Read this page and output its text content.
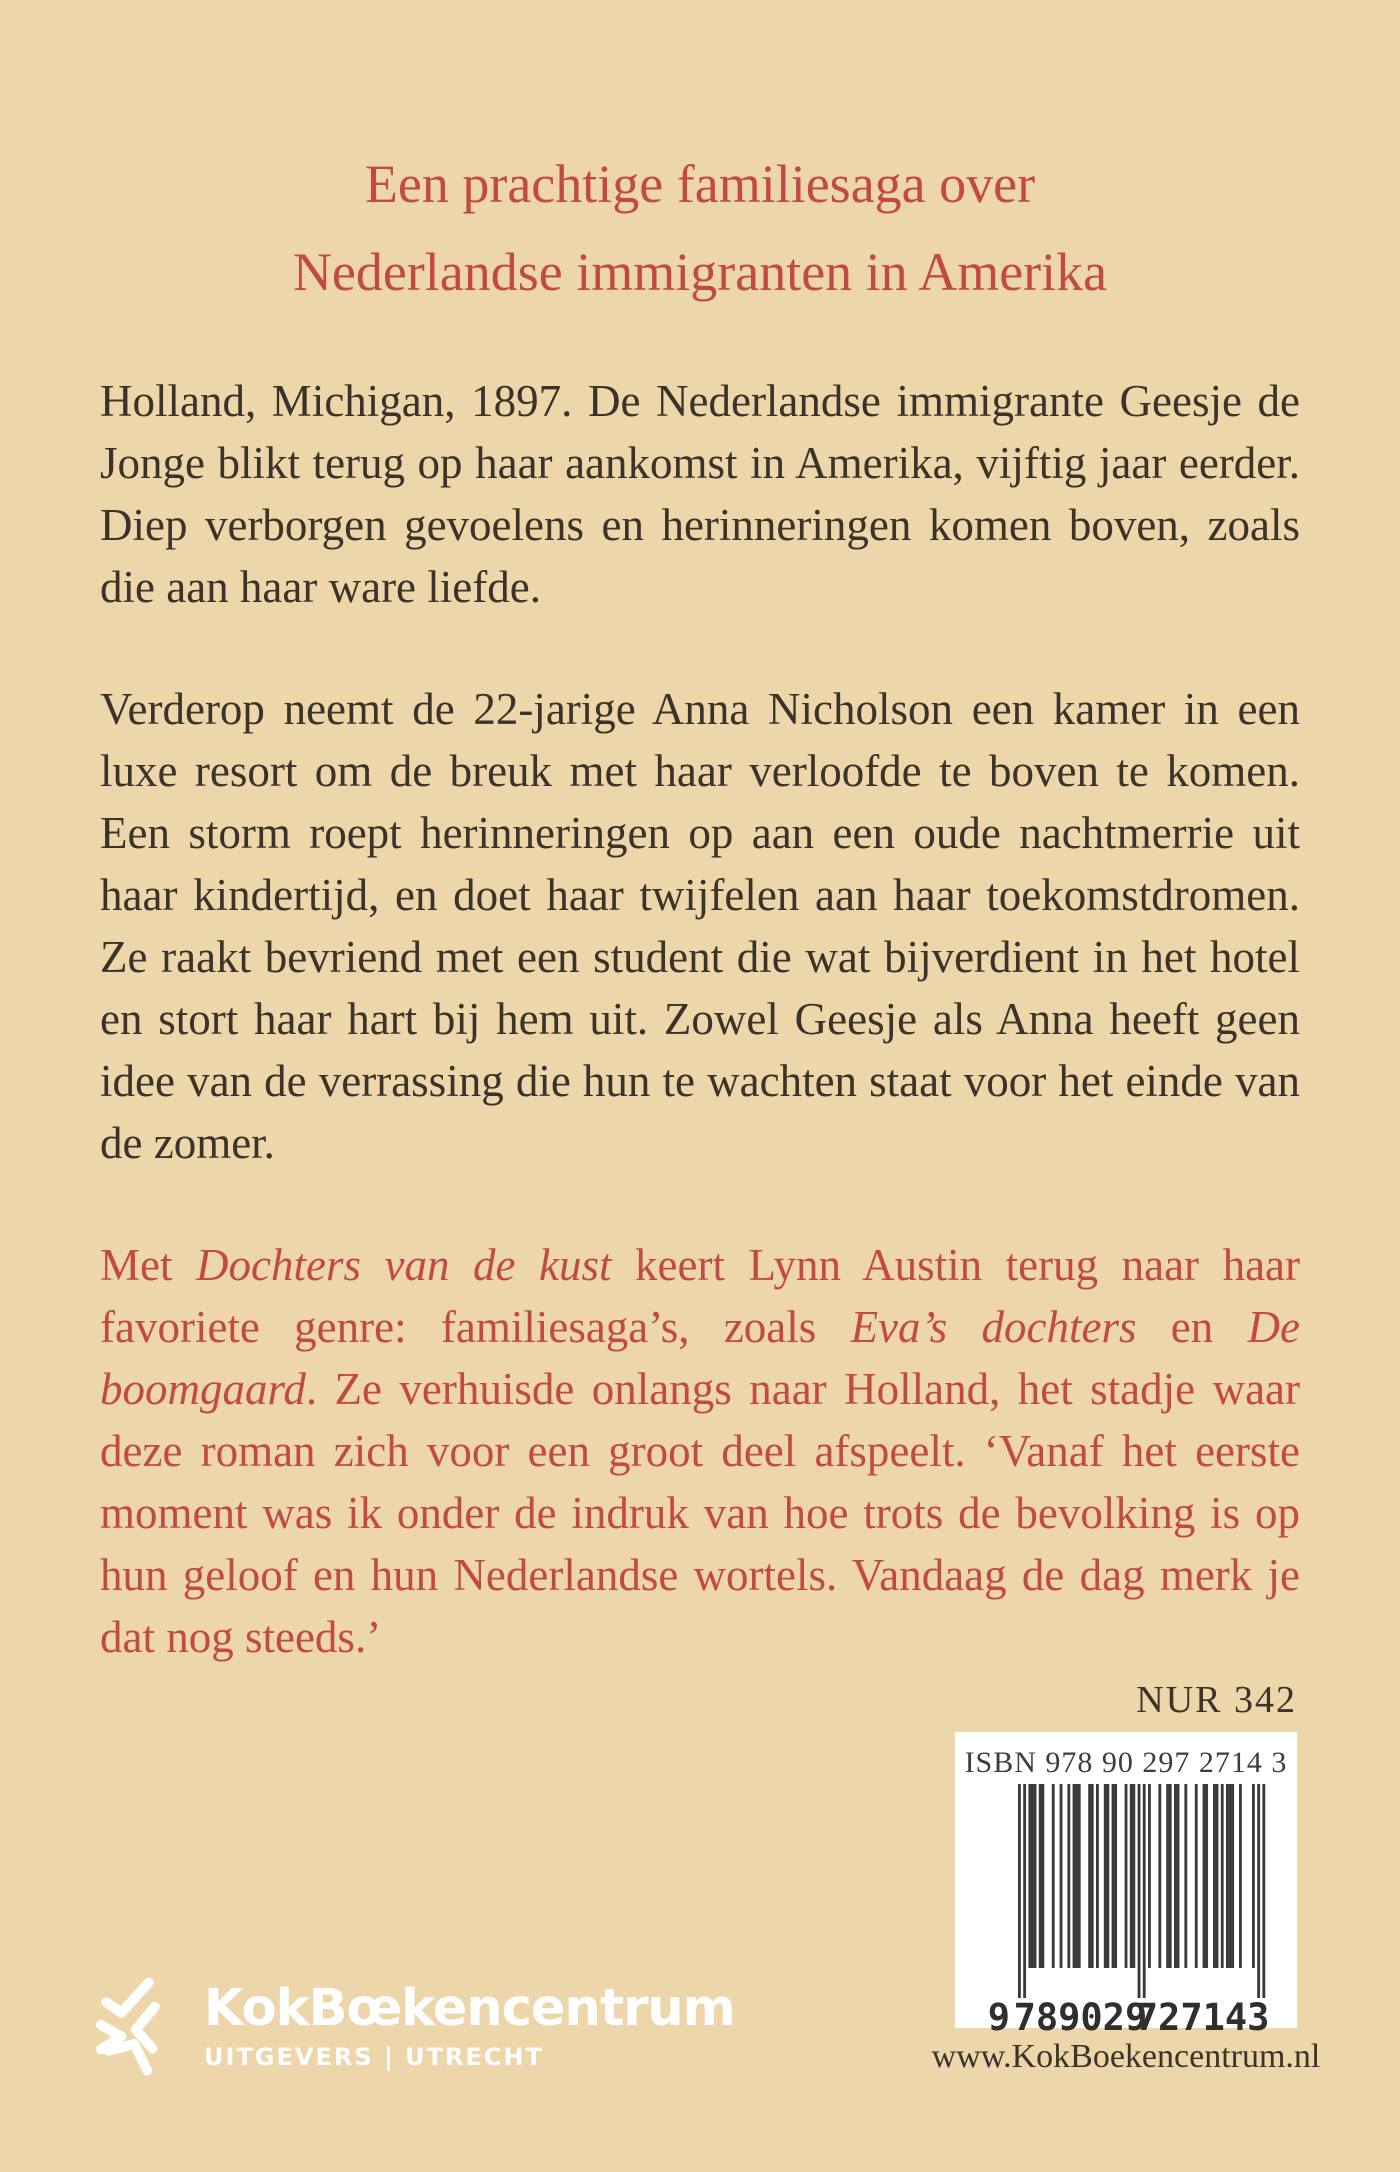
Een prachtige familiesaga over
Nederlandse immigranten in Amerika

Holland, Michigan, 1897. De Nederlandse immigrante Geesje de Jonge blikt terug op haar aankomst in Amerika, vijftig jaar eerder. Diep verborgen gevoelens en herinneringen komen boven, zoals die aan haar ware liefde.

Verderop neemt de 22-jarige Anna Nicholson een kamer in een luxe resort om de breuk met haar verloofde te boven te komen. Een storm roept herinneringen op aan een oude nachtmerrie uit haar kindertijd, en doet haar twijfelen aan haar toekomstdromen. Ze raakt bevriend met een student die wat bijverdient in het hotel en stort haar hart bij hem uit. Zowel Geesje als Anna heeft geen idee van de verrassing die hun te wachten staat voor het einde van de zomer.

Met Dochters van de kust keert Lynn Austin terug naar haar favoriete genre: familiesaga’s, zoals Eva’s dochters en De boomgaard. Ze verhuisde onlangs naar Holland, het stadje waar deze roman zich voor een groot deel afspeelt. ‘Vanaf het eerste moment was ik onder de indruk van hoe trots de bevolking is op hun geloof en hun Nederlandse wortels. Vandaag de dag merk je dat nog steeds.’

NUR 342
ISBN 978 90 297 2714 3
9 789029
727143
www.KokBoekencentrum.nl
KokBœkencentrum
UITGEVERS | UTRECHT
